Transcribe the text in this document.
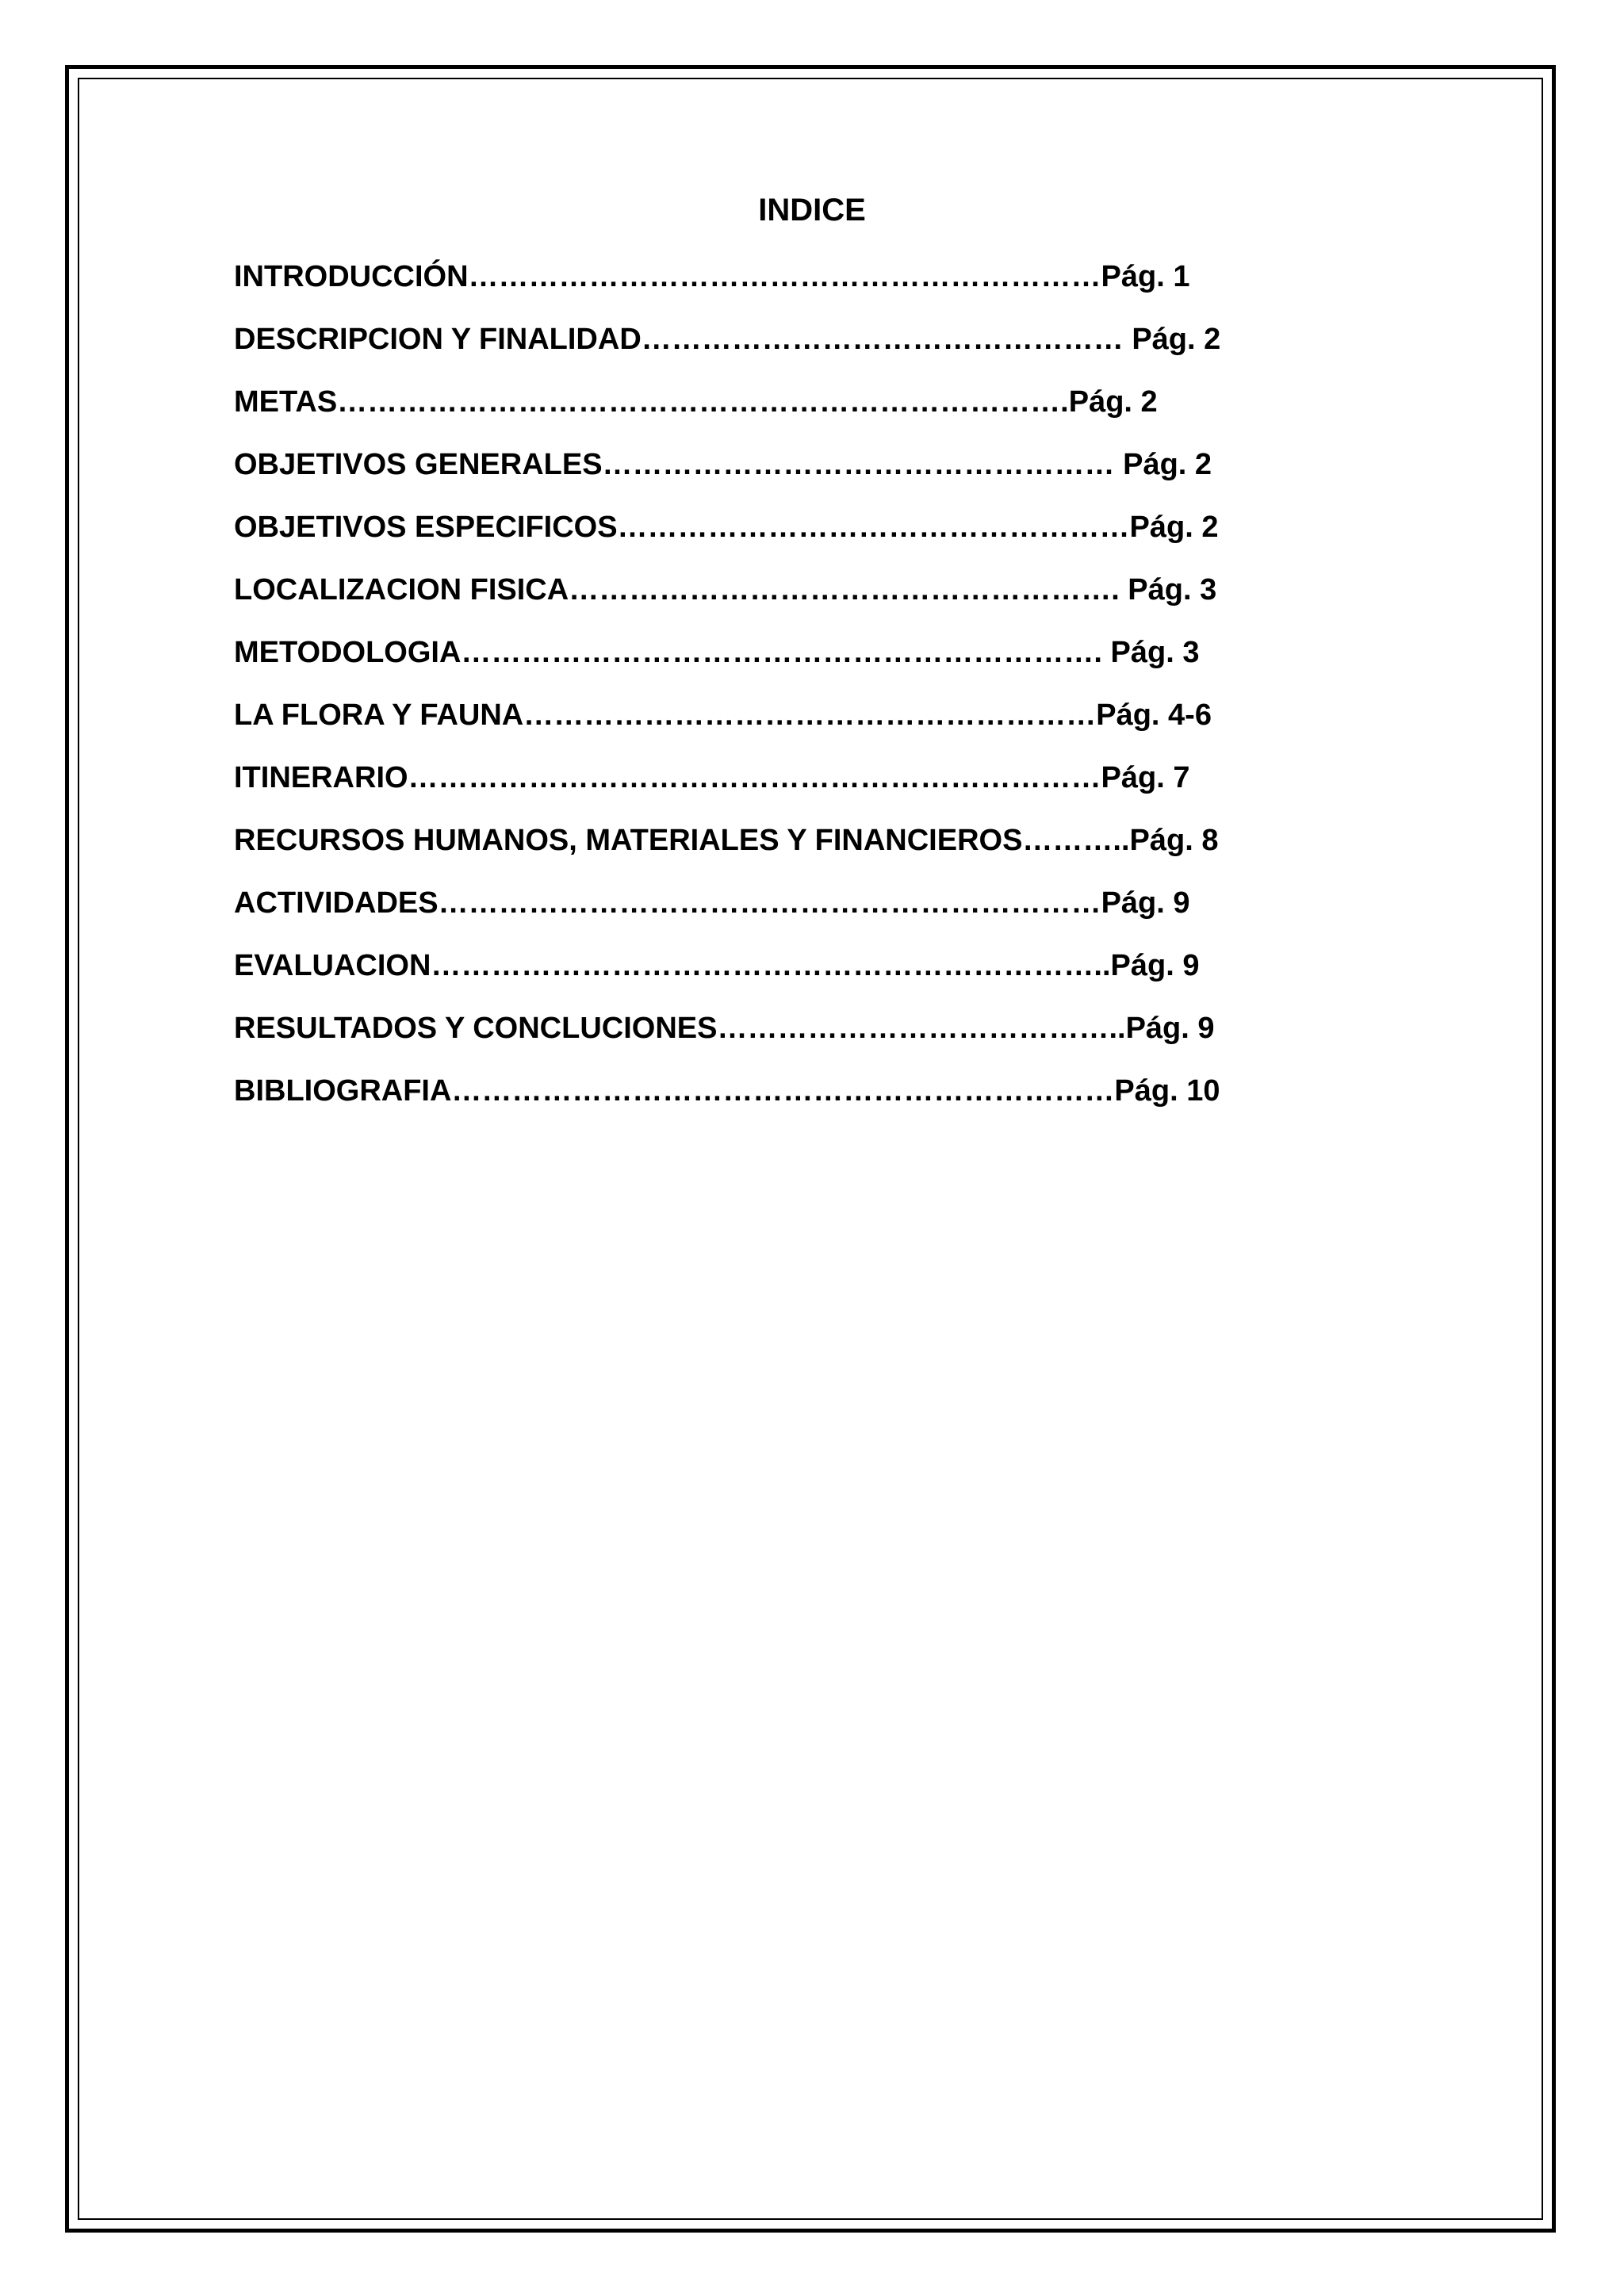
INDICE
INTRODUCCIÓN………………………………………………………Pág. 1
DESCRIPCION Y FINALIDAD………………………………………… Pág. 2
METAS……………………………………………………………….Pág. 2
OBJETIVOS GENERALES…………………………………………… Pág. 2
OBJETIVOS ESPECIFICOS……………………………………………Pág. 2
LOCALIZACION FISICA………………………………………………. Pág. 3
METODOLOGIA………………………………………………………. Pág. 3
LA FLORA Y FAUNA…………………………………………………Pág. 4-6
ITINERARIO……………………………………………………………Pág. 7
RECURSOS HUMANOS, MATERIALES Y FINANCIEROS………..Pág. 8
ACTIVIDADES…………………………………………………………Pág. 9
EVALUACION…………………………………………………………..Pág. 9
RESULTADOS Y CONCLUCIONES…………………………………..Pág. 9
BIBLIOGRAFIA…………………………………………………………Pág. 10
